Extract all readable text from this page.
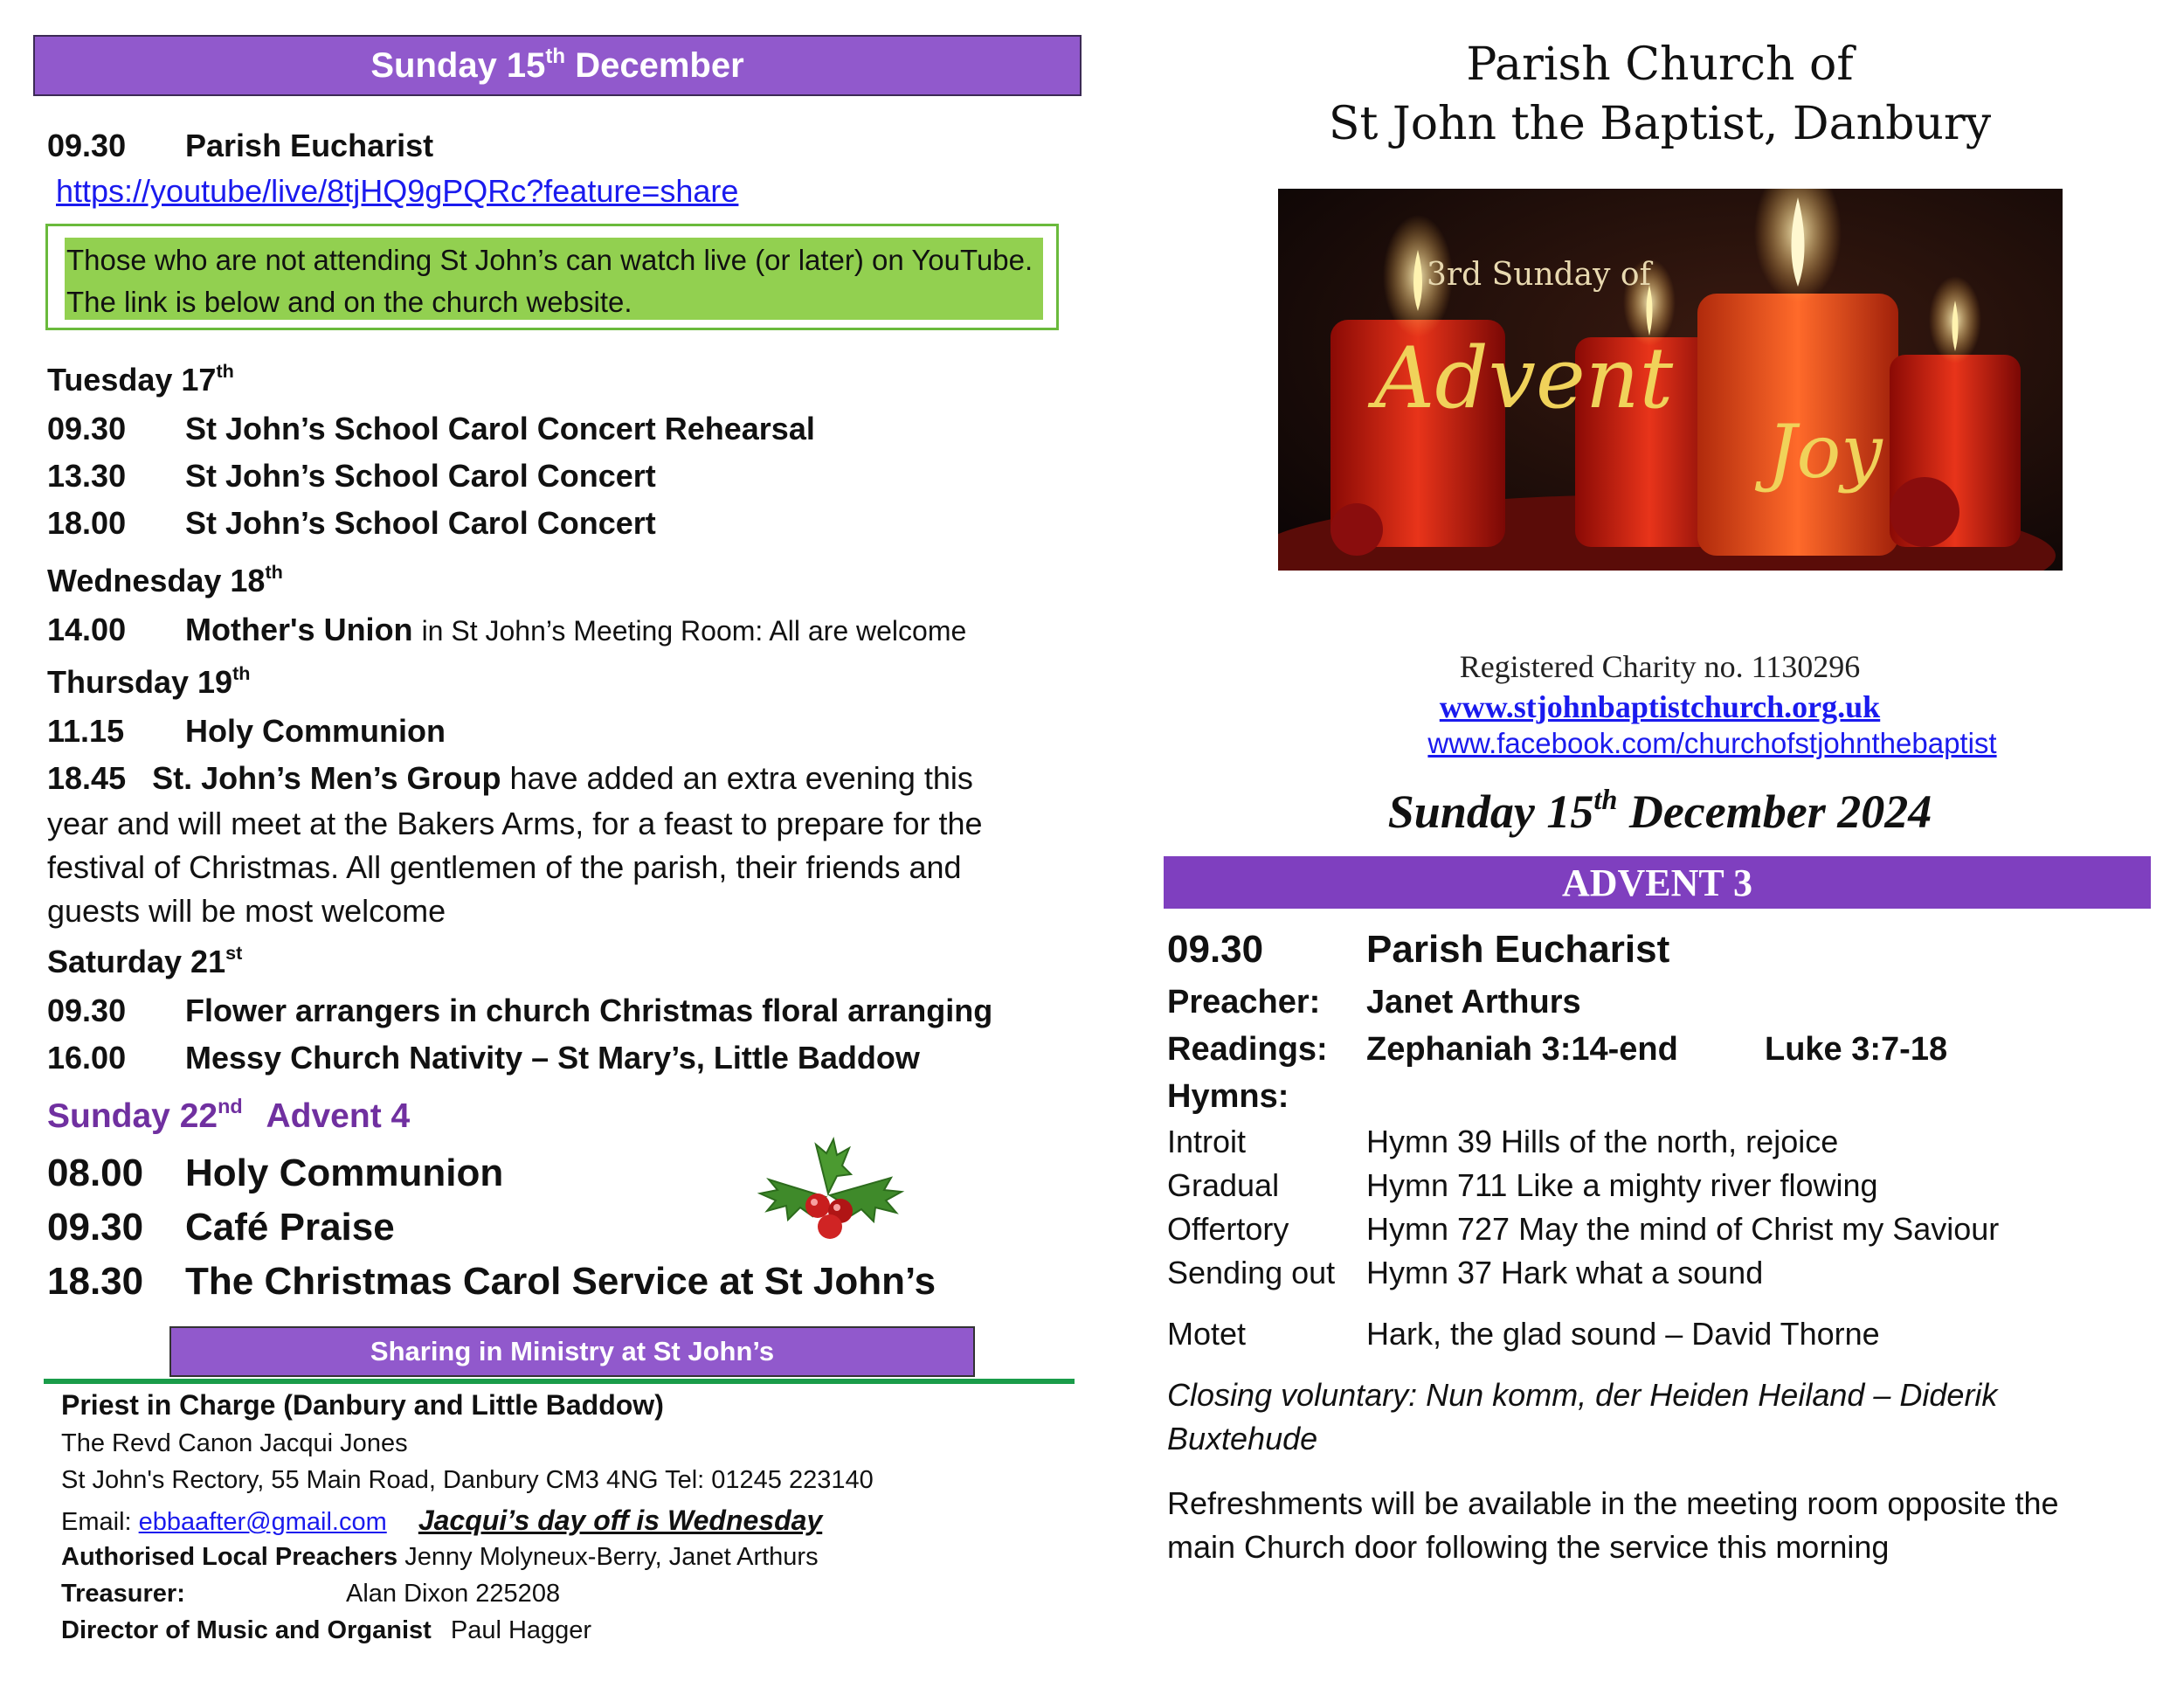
Sunday 15th December
09.30 Parish Eucharist
https://youtube/live/8tjHQ9gPQRc?feature=share
Those who are not attending St John’s can watch live (or later) on YouTube. The link is below and on the church website.
Tuesday 17th
09.30 St John’s School Carol Concert Rehearsal
13.30 St John’s School Carol Concert
18.00 St John’s School Carol Concert
Wednesday 18th
14.00 Mother's Union in St John’s Meeting Room: All are welcome
Thursday 19th
11.15 Holy Communion
18.45 St. John’s Men’s Group have added an extra evening this
year and will meet at the Bakers Arms, for a feast to prepare for the
festival of Christmas. All gentlemen of the parish, their friends and
guests will be most welcome
Saturday 21st
09.30 Flower arrangers in church Christmas floral arranging
16.00 Messy Church Nativity – St Mary’s, Little Baddow
Sunday 22nd Advent 4
08.00 Holy Communion
09.30 Café Praise
18.30 The Christmas Carol Service at St John’s
Sharing in Ministry at St John’s
Priest in Charge (Danbury and Little Baddow)
The Revd Canon Jacqui Jones
St John's Rectory, 55 Main Road, Danbury CM3 4NG Tel: 01245 223140
Email: ebbaafter@gmail.com Jacqui’s day off is Wednesday
Authorised Local Preachers Jenny Molyneux-Berry, Janet Arthurs
Treasurer:	Alan Dixon 225208
Director of Music and Organist Paul Hagger
Parish Church of
St John the Baptist, Danbury
3rd Sunday of
Advent
Joy
Registered Charity no. 1130296
www.stjohnbaptistchurch.org.uk
www.facebook.com/churchofstjohnthebaptist
Sunday 15th December 2024
ADVENT 3
09.30	Parish Eucharist
Preacher: Janet Arthurs
Readings: Zephaniah 3:14-end	Luke 3:7-18
Hymns:
Introit	Hymn 39 Hills of the north, rejoice
Gradual	Hymn 711 Like a mighty river flowing
Offertory Hymn 727 May the mind of Christ my Saviour
Sending out Hymn 37 Hark what a sound
Motet	Hark, the glad sound – David Thorne
Closing voluntary: Nun komm, der Heiden Heiland – Diderik
Buxtehude
Refreshments will be available in the meeting room opposite the
main Church door following the service this morning
